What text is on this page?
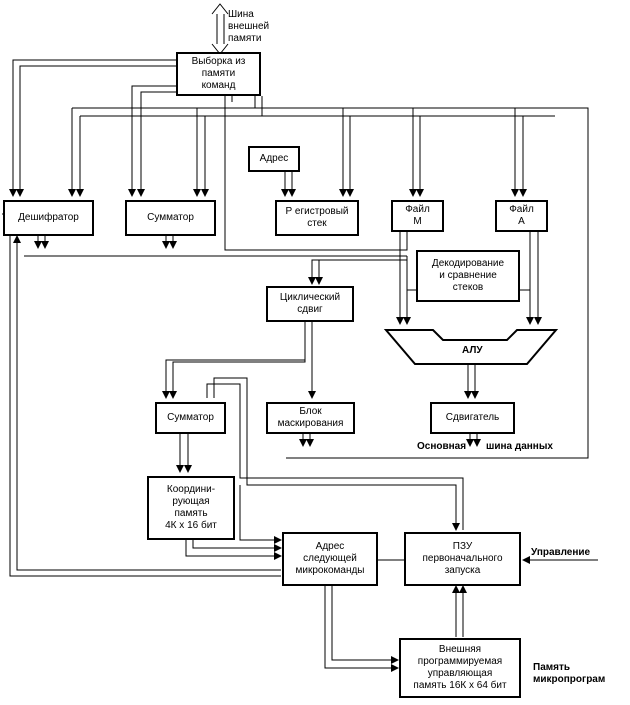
Выборка из
памяти
команд
Дешифратор	Сумматор
Адрес
Р егистровый
стек
Файл
М
Файл
А
Декодирование
и сравнение
стеков
Циклический
сдвиг
АЛУ
Сумматор
Блок
маскирования
Сдвигатель
Координи-
рующая
память
4К х 16 бит
Адрес
следующей
микрокоманды
ПЗУ
первоначального
запуска
Внешняя
программируемая
управляющая
память 16К х 64 бит
Шина
внешней
памяти
Основная шина данных
Управление
Память
микропрограм
